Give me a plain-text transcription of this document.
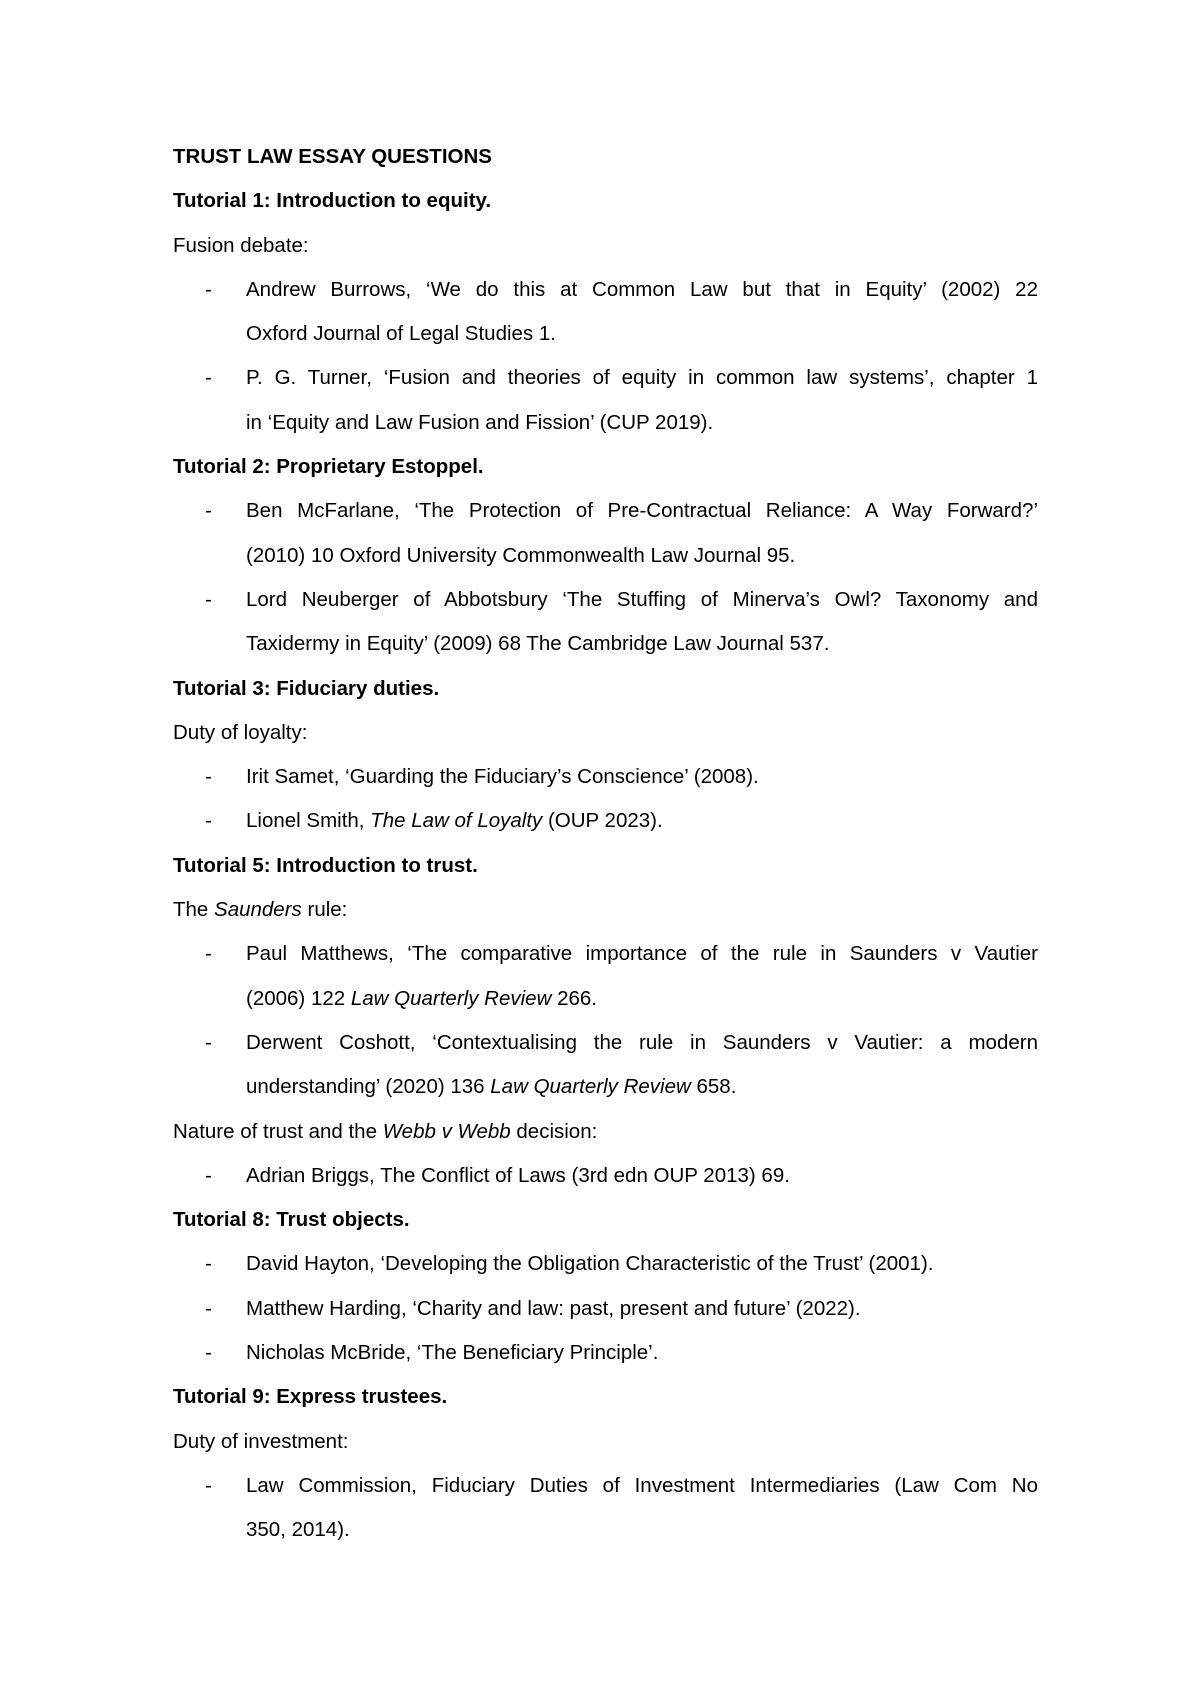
TRUST LAW ESSAY QUESTIONS
Tutorial 1: Introduction to equity.
Fusion debate:
- Andrew Burrows, ‘We do this at Common Law but that in Equity’ (2002) 22
Oxford Journal of Legal Studies 1.
- P. G. Turner, ‘Fusion and theories of equity in common law systems’, chapter 1
in ‘Equity and Law Fusion and Fission’ (CUP 2019).
Tutorial 2: Proprietary Estoppel.
- Ben McFarlane, ‘The Protection of Pre-Contractual Reliance: A Way Forward?’
(2010) 10 Oxford University Commonwealth Law Journal 95.
- Lord Neuberger of Abbotsbury ‘The Stuffing of Minerva’s Owl? Taxonomy and
Taxidermy in Equity’ (2009) 68 The Cambridge Law Journal 537.
Tutorial 3: Fiduciary duties.
Duty of loyalty:
- Irit Samet, ‘Guarding the Fiduciary’s Conscience’ (2008).
- Lionel Smith, The Law of Loyalty (OUP 2023).
Tutorial 5: Introduction to trust.
The Saunders rule:
- Paul Matthews, ‘The comparative importance of the rule in Saunders v Vautier
(2006) 122 Law Quarterly Review 266.
- Derwent Coshott, ‘Contextualising the rule in Saunders v Vautier: a modern
understanding’ (2020) 136 Law Quarterly Review 658.
Nature of trust and the Webb v Webb decision:
- Adrian Briggs, The Conflict of Laws (3rd edn OUP 2013) 69.
Tutorial 8: Trust objects.
- David Hayton, ‘Developing the Obligation Characteristic of the Trust’ (2001).
- Matthew Harding, ‘Charity and law: past, present and future’ (2022).
- Nicholas McBride, ‘The Beneficiary Principle’.
Tutorial 9: Express trustees.
Duty of investment:
- Law Commission, Fiduciary Duties of Investment Intermediaries (Law Com No
350, 2014).
